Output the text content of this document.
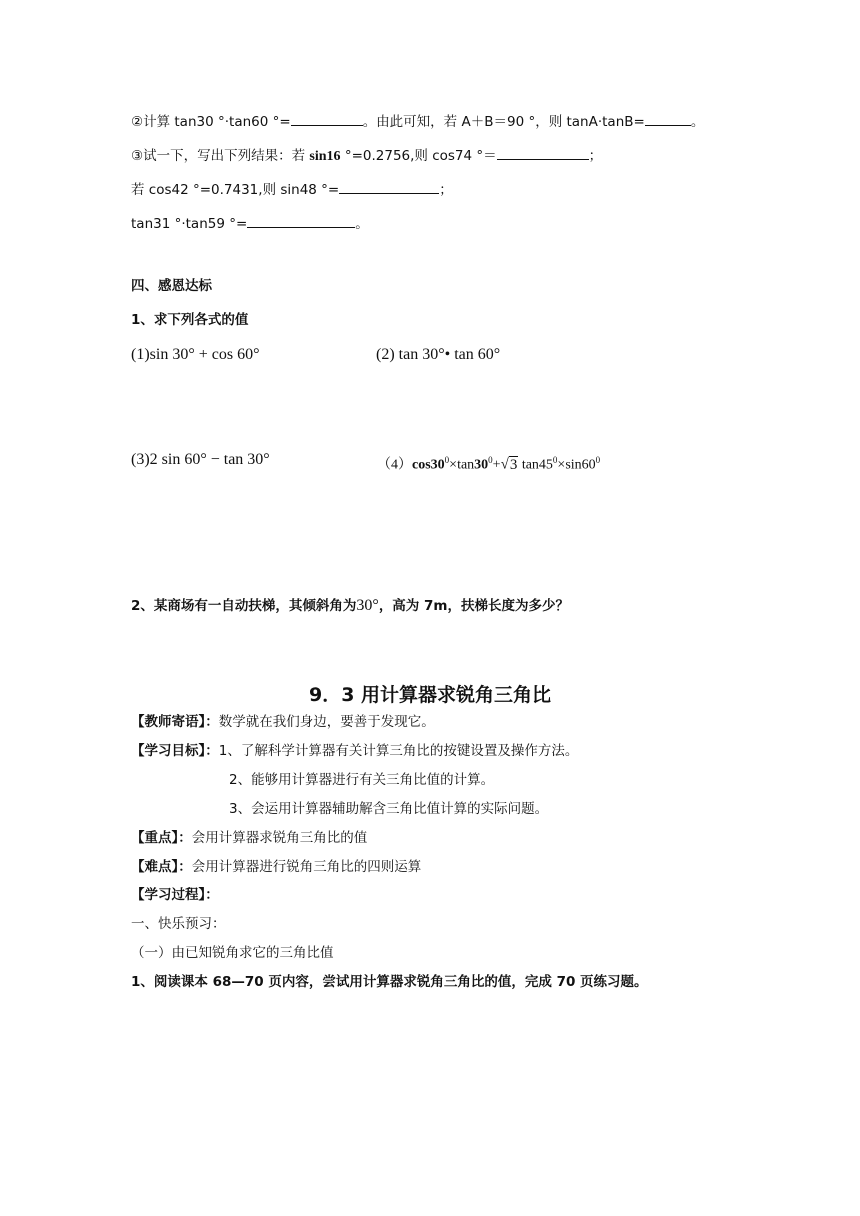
②计算 tan30 °·tan60 °=	。由此可知，若 A＋B＝90 °，则 tanA·tanB=	。
③试一下，写出下列结果：若 sin16 °=0.2756,则 cos74 °＝	；
若 cos42 °=0.7431,则 sin48 °=	；
tan31 °·tan59 °=	。
四、感恩达标
1、求下列各式的值
(1)sin 30° + cos 60°	(2) tan 30°• tan 60°
(3)2 sin 60° − tan 30°	$(4)\cos 30^0\times\tan 30^0+√3$ $\tan 45^0\times\sin 60^0$
2、某商场有一自动扶梯，其倾斜角为30°，高为 7m，扶梯长度为多少？
9．3 用计算器求锐角三角比
【教师寄语】：数学就在我们身边，要善于发现它。
【学习目标】：1、了解科学计算器有关计算三角比的按键设置及操作方法。
2、能够用计算器进行有关三角比值的计算。
3、会运用计算器辅助解含三角比值计算的实际问题。
【重点】：会用计算器求锐角三角比的值
【难点】：会用计算器进行锐角三角比的四则运算
【学习过程】：
一、快乐预习：
（一）由已知锐角求它的三角比值
1、阅读课本 68—70 页内容，尝试用计算器求锐角三角比的值，完成 70 页练习题。
